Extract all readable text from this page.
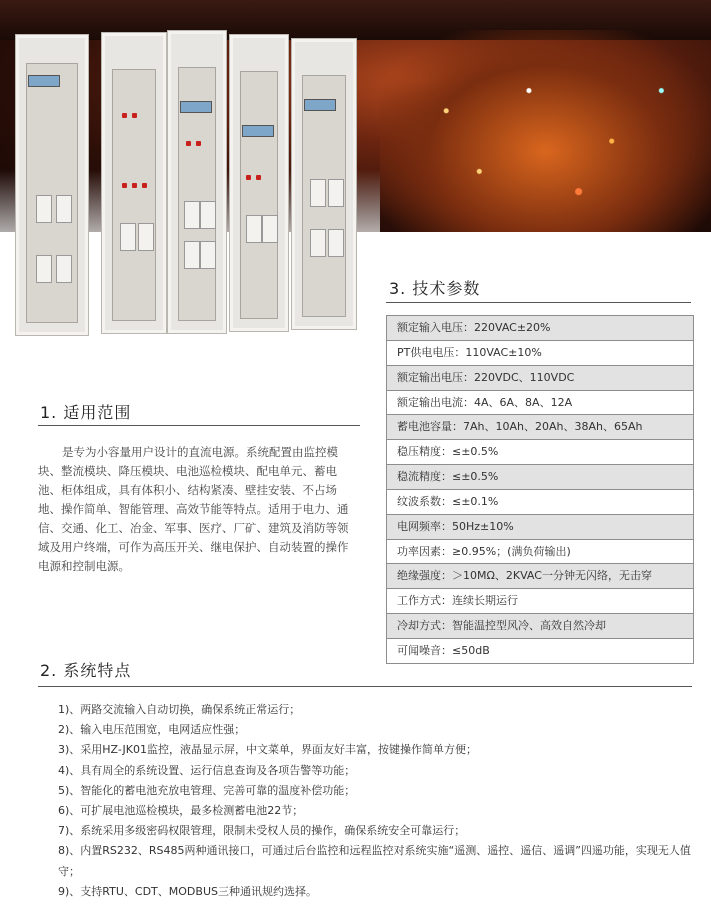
3. 技术参数
额定输入电压：220VAC±20%
PT供电电压：110VAC±10%
额定输出电压：220VDC、110VDC
额定输出电流：4A、6A、8A、12A
蓄电池容量：7Ah、10Ah、20Ah、38Ah、65Ah
稳压精度：≤±0.5%
稳流精度：≤±0.5%
纹波系数：≤±0.1%
电网频率：50Hz±10%
功率因素：≥0.95%；(满负荷输出)
绝缘强度：＞10MΩ、2KVAC一分钟无闪络，无击穿
工作方式：连续长期运行
冷却方式：智能温控型风冷、高效自然冷却
可闻噪音：≤50dB
1. 适用范围
是专为小容量用户设计的直流电源。系统配置由监控模块、整流模块、降压模块、电池巡检模块、配电单元、蓄电池、柜体组成，具有体积小、结构紧凑、壁挂安装、不占场地、操作简单、智能管理、高效节能等特点。适用于电力、通信、交通、化工、冶金、军事、医疗、厂矿、建筑及消防等领域及用户终端，可作为高压开关、继电保护、自动装置的操作电源和控制电源。
2. 系统特点
1)、两路交流输入自动切换，确保系统正常运行；
2)、输入电压范围宽，电网适应性强；
3)、采用HZ-JK01监控，液晶显示屏，中文菜单，界面友好丰富，按键操作简单方便；
4)、具有周全的系统设置、运行信息查询及各项告警等功能；
5)、智能化的蓄电池充放电管理、完善可靠的温度补偿功能；
6)、可扩展电池巡检模块，最多检测蓄电池22节；
7)、系统采用多级密码权限管理，限制未受权人员的操作，确保系统安全可靠运行；
8)、内置RS232、RS485两种通讯接口，可通过后台监控和远程监控对系统实施“遥测、遥控、遥信、遥调”四遥功能，实现无人值守；
9)、支持RTU、CDT、MODBUS三种通讯规约选择。
